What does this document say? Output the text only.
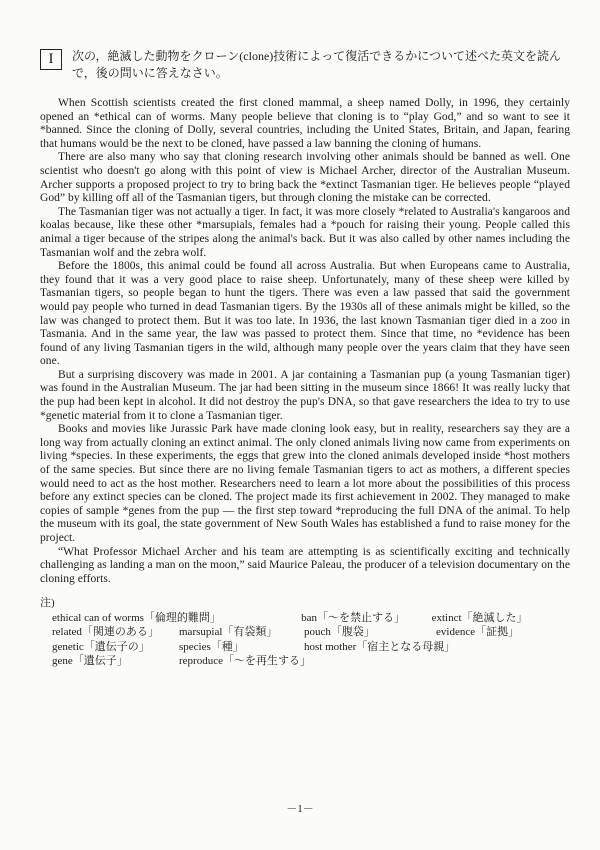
I	次の，絶滅した動物をクローン(clone)技術によって復活できるかについて述べた英文を読んで，後の問いに答えなさい。

When Scottish scientists created the first cloned mammal, a sheep named Dolly, in 1996, they certainly opened an *ethical can of worms. Many people believe that cloning is to “play God,” and so want to see it *banned. Since the cloning of Dolly, several countries, including the United States, Britain, and Japan, fearing that humans would be the next to be cloned, have passed a law banning the cloning of humans.

There are also many who say that cloning research involving other animals should be banned as well. One scientist who doesn't go along with this point of view is Michael Archer, director of the Australian Museum. Archer supports a proposed project to try to bring back the *extinct Tasmanian tiger. He believes people “played God” by killing off all of the Tasmanian tigers, but through cloning the mistake can be corrected.

The Tasmanian tiger was not actually a tiger. In fact, it was more closely *related to Australia's kangaroos and koalas because, like these other *marsupials, females had a *pouch for raising their young. People called this animal a tiger because of the stripes along the animal's back. But it was also called by other names including the Tasmanian wolf and the zebra wolf.

Before the 1800s, this animal could be found all across Australia. But when Europeans came to Australia, they found that it was a very good place to raise sheep. Unfortunately, many of these sheep were killed by Tasmanian tigers, so people began to hunt the tigers. There was even a law passed that said the government would pay people who turned in dead Tasmanian tigers. By the 1930s all of these animals might be killed, so the law was changed to protect them. But it was too late. In 1936, the last known Tasmanian tiger died in a zoo in Tasmania. And in the same year, the law was passed to protect them. Since that time, no *evidence has been found of any living Tasmanian tigers in the wild, although many people over the years claim that they have seen one.

But a surprising discovery was made in 2001. A jar containing a Tasmanian pup (a young Tasmanian tiger) was found in the Australian Museum. The jar had been sitting in the museum since 1866! It was really lucky that the pup had been kept in alcohol. It did not destroy the pup's DNA, so that gave researchers the idea to try to use *genetic material from it to clone a Tasmanian tiger.

Books and movies like Jurassic Park have made cloning look easy, but in reality, researchers say they are a long way from actually cloning an extinct animal. The only cloned animals living now came from experiments on living *species. In these experiments, the eggs that grew into the cloned animals developed inside *host mothers of the same species. But since there are no living female Tasmanian tigers to act as mothers, a different species would need to act as the host mother. Researchers need to learn a lot more about the possibilities of this process before any extinct species can be cloned. The project made its first achievement in 2002. They managed to make copies of sample *genes from the pup — the first step toward *reproducing the full DNA of the animal. To help the museum with its goal, the state government of New South Wales has established a fund to raise money for the project.

“What Professor Michael Archer and his team are attempting is as scientifically exciting and technically challenging as landing a man on the moon,” said Maurice Paleau, the producer of a television documentary on the cloning efforts.

注)
ethical can of worms「倫理的難問」	ban「～を禁止する」	extinct「絶滅した」
related「関連のある」	marsupial「有袋類」	pouch「腹袋」	evidence「証拠」
genetic「遺伝子の」	species「種」	host mother「宿主となる母親」
gene「遺伝子」	reproduce「～を再生する」
－1－
